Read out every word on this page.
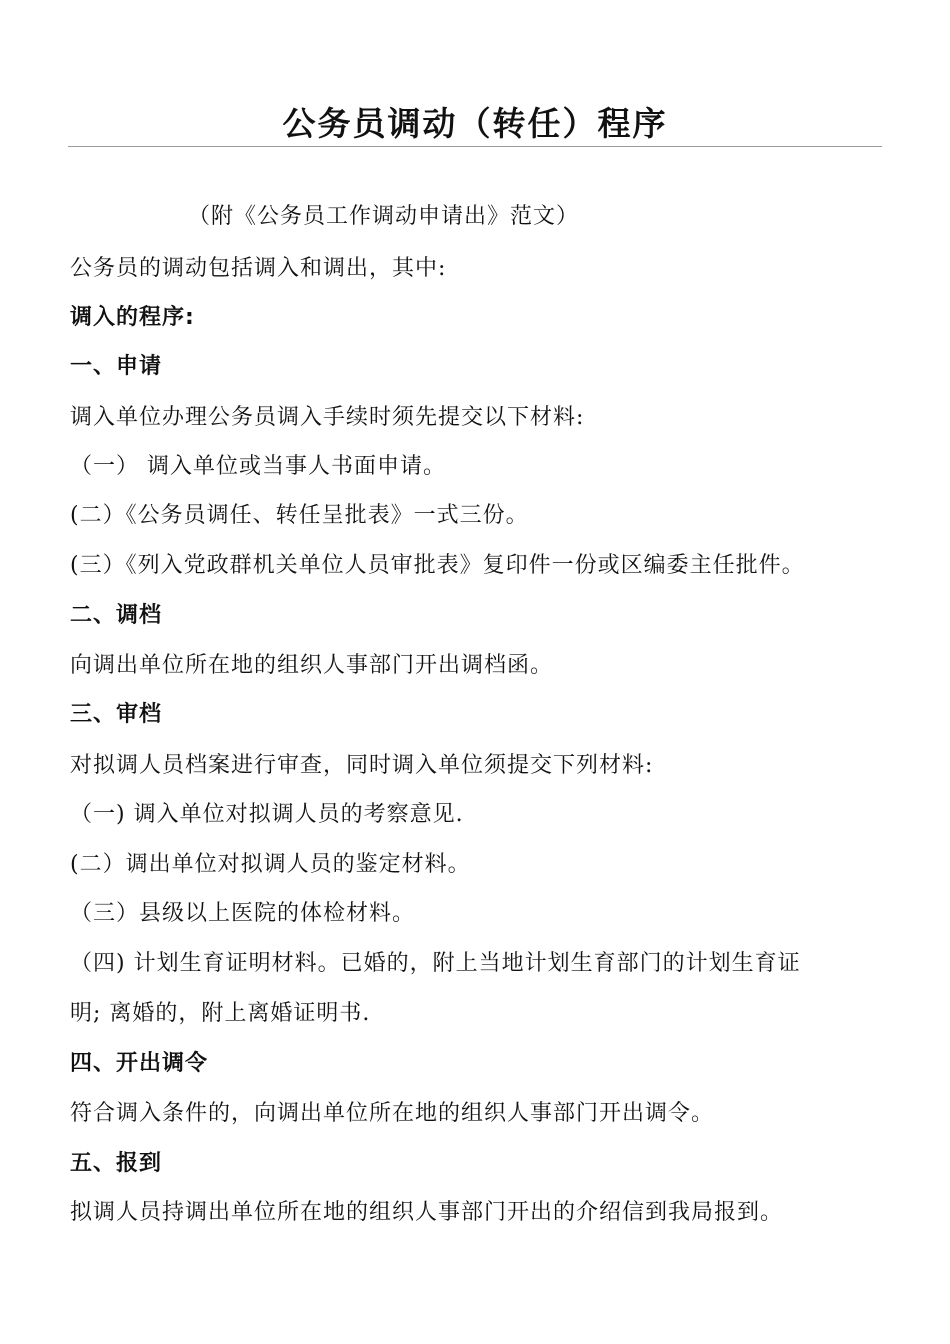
公务员调动（转任）程序
（附《公务员工作调动申请出》范文）
公务员的调动包括调入和调出，其中:
调入的程序:
一、申请
调入单位办理公务员调入手续时须先提交以下材料:
（一） 调入单位或当事人书面申请。
(二）《公务员调任、转任呈批表》一式三份。
(三）《列入党政群机关单位人员审批表》复印件一份或区编委主任批件。
二、调档
向调出单位所在地的组织人事部门开出调档函。
三、审档
对拟调人员档案进行审查，同时调入单位须提交下列材料:
（一) 调入单位对拟调人员的考察意见.
(二）调出单位对拟调人员的鉴定材料。
（三）县级以上医院的体检材料。
（四) 计划生育证明材料。已婚的，附上当地计划生育部门的计划生育证
明; 离婚的，附上离婚证明书.
四、开出调令
符合调入条件的，向调出单位所在地的组织人事部门开出调令。
五、报到
拟调人员持调出单位所在地的组织人事部门开出的介绍信到我局报到。
